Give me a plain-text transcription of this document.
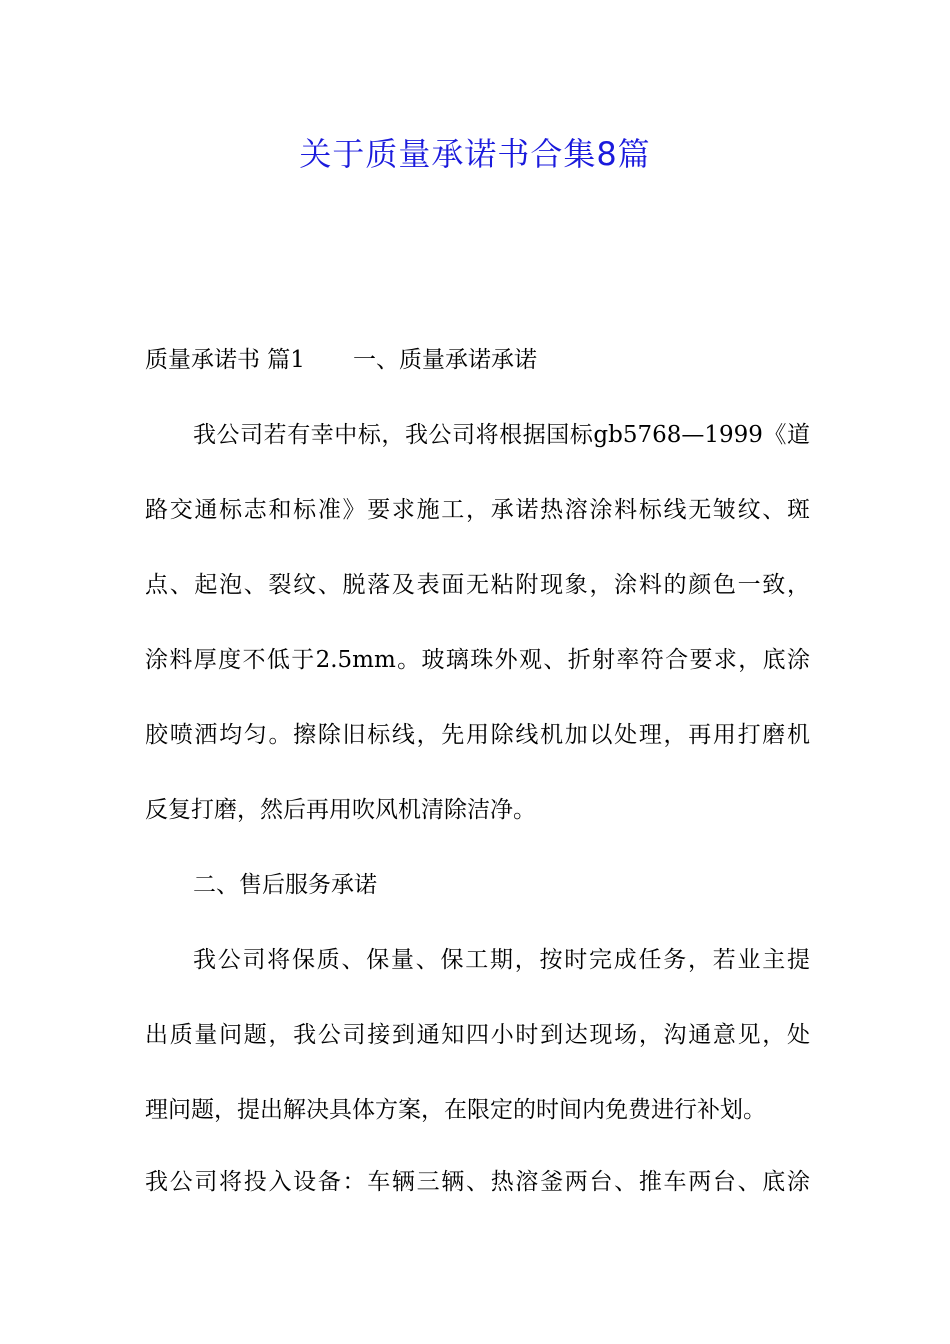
关于质量承诺书合集8篇
质量承诺书 篇1 一、质量承诺承诺
我公司若有幸中标，我公司将根据国标gb5768—1999《道
路交通标志和标准》要求施工，承诺热溶涂料标线无皱纹、斑
点、起泡、裂纹、脱落及表面无粘附现象，涂料的颜色一致，
涂料厚度不低于2.5mm。玻璃珠外观、折射率符合要求，底涂
胶喷洒均匀。擦除旧标线，先用除线机加以处理，再用打磨机
反复打磨，然后再用吹风机清除洁净。
二、售后服务承诺
我公司将保质、保量、保工期，按时完成任务，若业主提
出质量问题，我公司接到通知四小时到达现场，沟通意见，处
理问题，提出解决具体方案，在限定的时间内免费进行补划。
我公司将投入设备：车辆三辆、热溶釜两台、推车两台、底涂
